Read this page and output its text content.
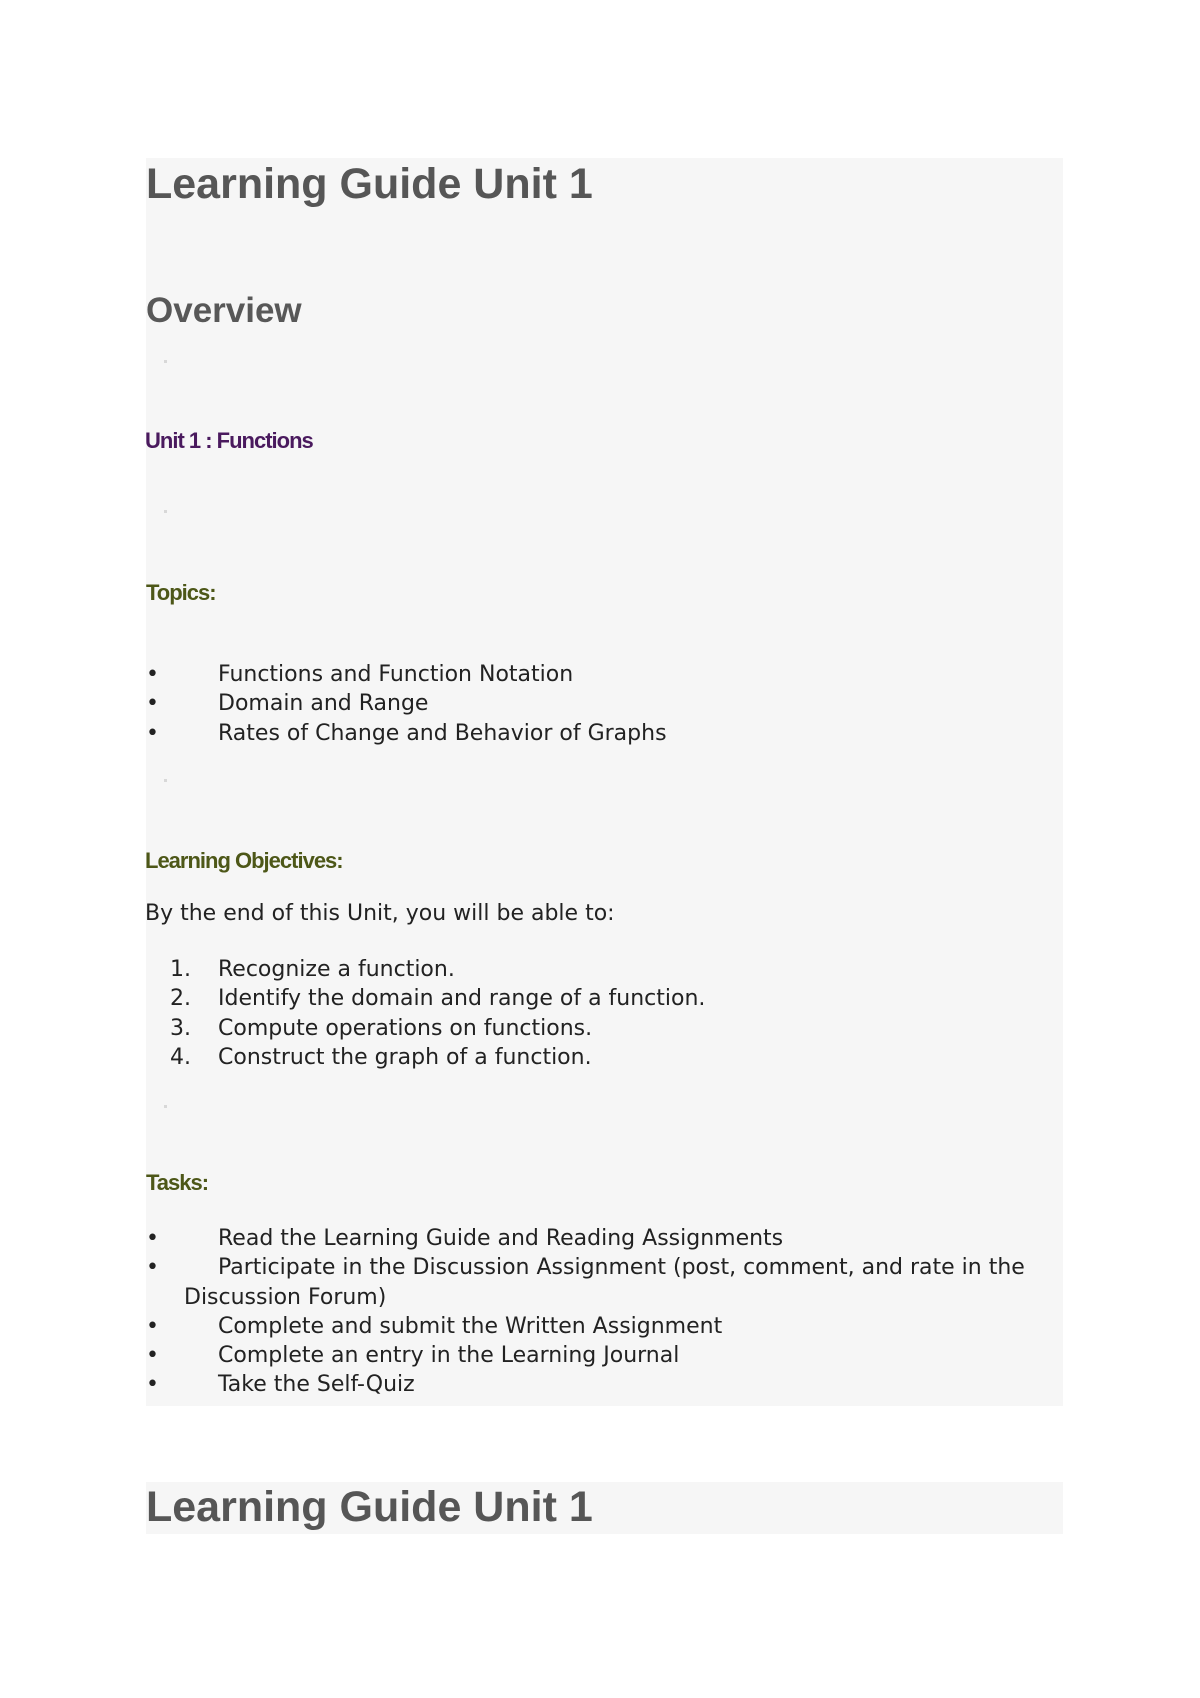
Learning Guide Unit 1
Overview
Unit 1 : Functions
Topics:
•	Functions and Function Notation
•	Domain and Range
•	Rates of Change and Behavior of Graphs
Learning Objectives:

By the end of this Unit, you will be able to:

1. Recognize a function.
2. Identify the domain and range of a function.
3. Compute operations on functions.
4. Construct the graph of a function.
Tasks:
•	Read the Learning Guide and Reading Assignments
•	Participate in the Discussion Assignment (post, comment, and rate in the Discussion Forum)
•	Complete and submit the Written Assignment
•	Complete an entry in the Learning Journal
•	Take the Self-Quiz
Learning Guide Unit 1
